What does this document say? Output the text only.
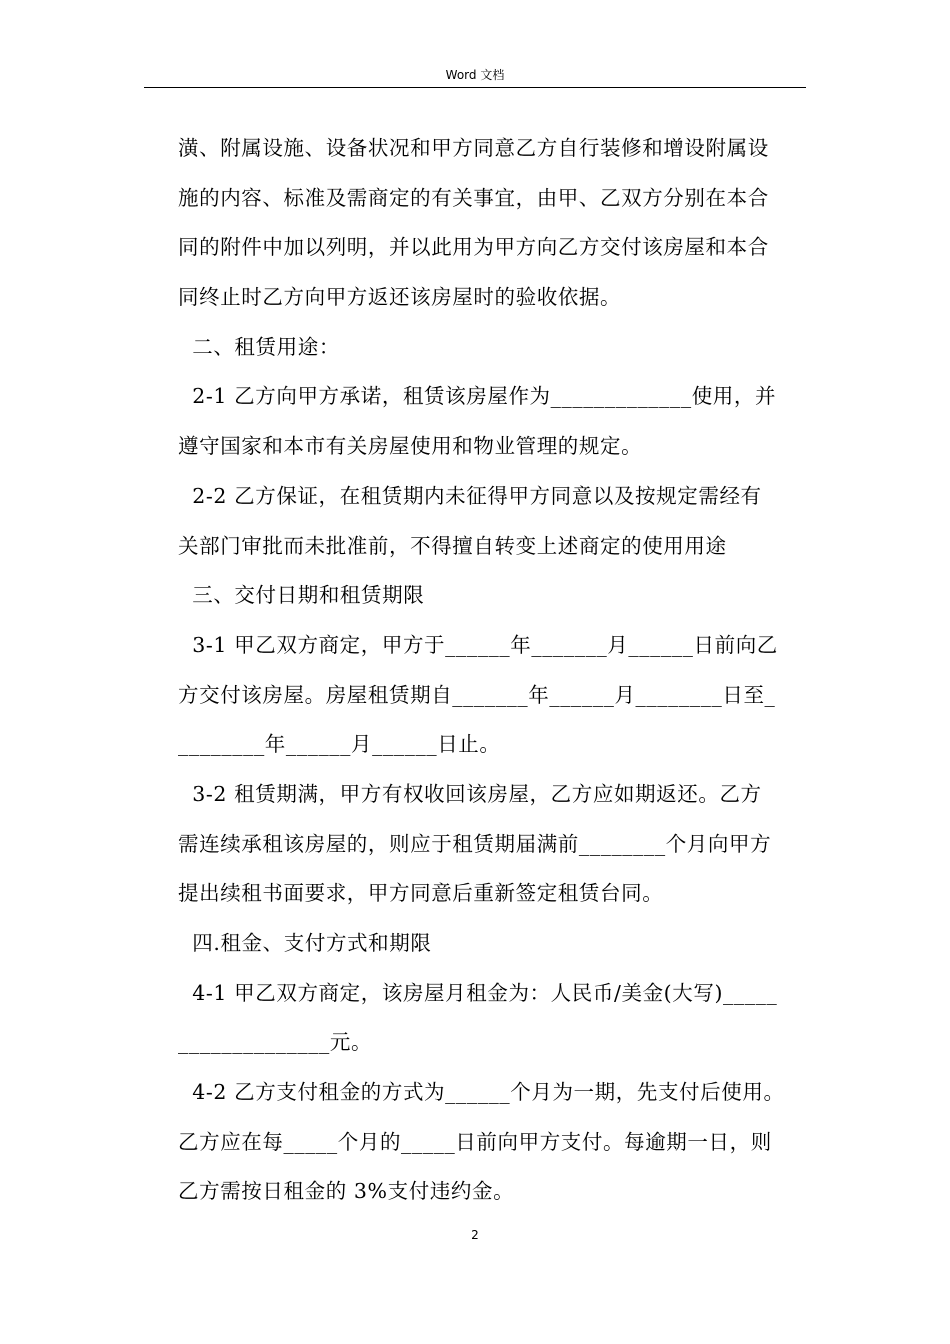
Word 文档
潢、附属设施、设备状况和甲方同意乙方自行装修和增设附属设
施的内容、标准及需商定的有关事宜，由甲、乙双方分别在本合
同的附件中加以列明，并以此用为甲方向乙方交付该房屋和本合
同终止时乙方向甲方返还该房屋时的验收依据。
二、租赁用途：
2-1 乙方向甲方承诺，租赁该房屋作为_____________使用，并
遵守国家和本市有关房屋使用和物业管理的规定。
2-2 乙方保证，在租赁期内未征得甲方同意以及按规定需经有
关部门审批而未批准前，不得擅自转变上述商定的使用用途
三、交付日期和租赁期限
3-1 甲乙双方商定，甲方于______年_______月______日前向乙
方交付该房屋。房屋租赁期自_______年______月________日至_
________年______月______日止。
3-2 租赁期满，甲方有权收回该房屋，乙方应如期返还。乙方
需连续承租该房屋的，则应于租赁期届满前________个月向甲方
提出续租书面要求，甲方同意后重新签定租赁台同。
四.租金、支付方式和期限
4-1 甲乙双方商定，该房屋月租金为：人民币/美金(大写)_____
______________元。
4-2 乙方支付租金的方式为______个月为一期，先支付后使用。
乙方应在每_____个月的_____日前向甲方支付。每逾期一日，则
乙方需按日租金的 3%支付违约金。
2
